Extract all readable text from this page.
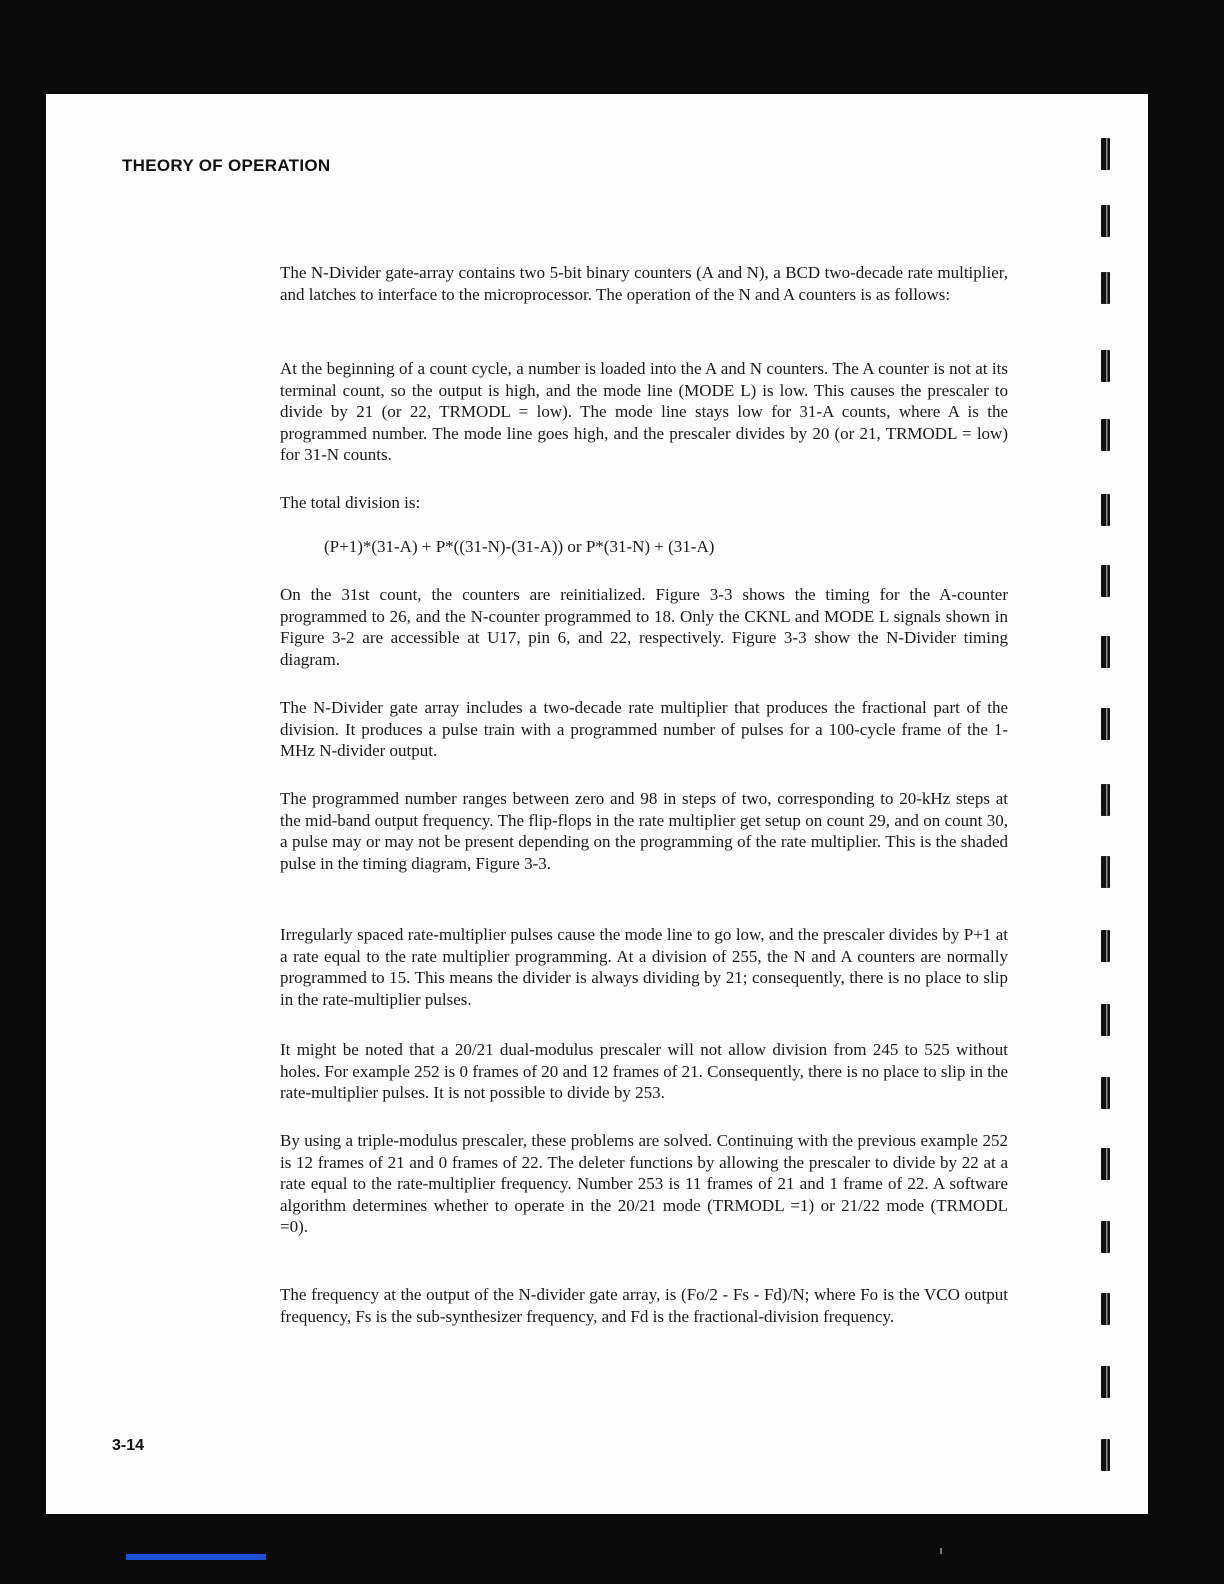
THEORY OF OPERATION

The N-Divider gate-array contains two 5-bit binary counters (A and N), a BCD two-decade rate multiplier, and latches to interface to the microprocessor. The operation of the N and A counters is as follows:

At the beginning of a count cycle, a number is loaded into the A and N counters. The A counter is not at its terminal count, so the output is high, and the mode line (MODE L) is low. This causes the prescaler to divide by 21 (or 22, TRMODL = low). The mode line stays low for 31-A counts, where A is the programmed number. The mode line goes high, and the prescaler divides by 20 (or 21, TRMODL = low) for 31-N counts.

The total division is:

(P+1)*(31-A) + P*((31-N)-(31-A)) or P*(31-N) + (31-A)

On the 31st count, the counters are reinitialized. Figure 3-3 shows the timing for the A-counter programmed to 26, and the N-counter programmed to 18. Only the CKNL and MODE L signals shown in Figure 3-2 are accessible at U17, pin 6, and 22, respectively. Figure 3-3 show the N-Divider timing diagram.

The N-Divider gate array includes a two-decade rate multiplier that produces the fractional part of the division. It produces a pulse train with a programmed number of pulses for a 100-cycle frame of the 1-MHz N-divider output.

The programmed number ranges between zero and 98 in steps of two, corresponding to 20-kHz steps at the mid-band output frequency. The flip-flops in the rate multiplier get setup on count 29, and on count 30, a pulse may or may not be present depending on the programming of the rate multiplier. This is the shaded pulse in the timing diagram, Figure 3-3.

Irregularly spaced rate-multiplier pulses cause the mode line to go low, and the prescaler divides by P+1 at a rate equal to the rate multiplier programming. At a division of 255, the N and A counters are normally programmed to 15. This means the divider is always dividing by 21; consequently, there is no place to slip in the rate-multiplier pulses.

It might be noted that a 20/21 dual-modulus prescaler will not allow division from 245 to 525 without holes. For example 252 is 0 frames of 20 and 12 frames of 21. Consequently, there is no place to slip in the rate-multiplier pulses. It is not possible to divide by 253.

By using a triple-modulus prescaler, these problems are solved. Continuing with the previous example 252 is 12 frames of 21 and 0 frames of 22. The deleter functions by allowing the prescaler to divide by 22 at a rate equal to the rate-multiplier frequency. Number 253 is 11 frames of 21 and 1 frame of 22. A software algorithm determines whether to operate in the 20/21 mode (TRMODL =1) or 21/22 mode (TRMODL =0).

The frequency at the output of the N-divider gate array, is (Fo/2 - Fs - Fd)/N; where Fo is the VCO output frequency, Fs is the sub-synthesizer frequency, and Fd is the fractional-division frequency.

3-14
